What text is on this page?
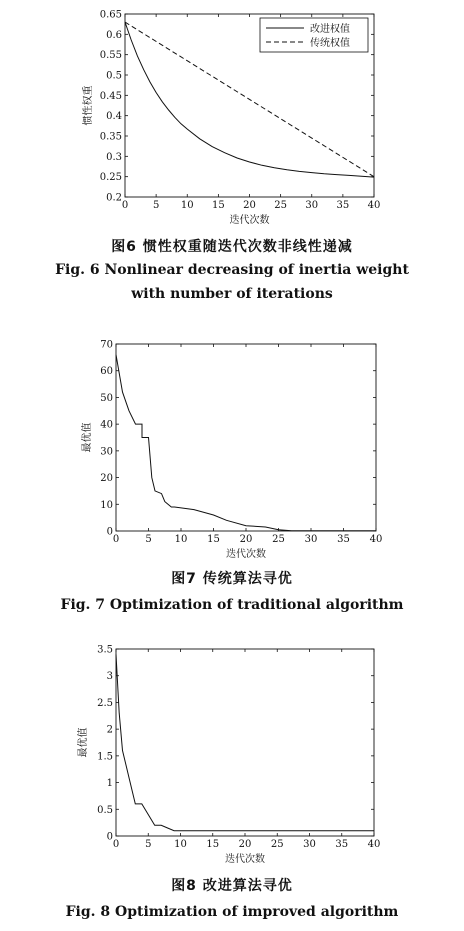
0 5 10 15 20 25 30 35 40
0.2
0.25
0.3
0.35
0.4
0.45
0.5
0.55
0.6
0.65
迭代次数
惯性权重
改进权值
传统权值
图6 惯性权重随迭代次数非线性递减
Fig. 6 Nonlinear decreasing of inertia weight
with number of iterations
0	5 10 15 20 25 30 35 40
0
10
20
30
40
50
60
70
迭代次数
最优值
图7 传统算法寻优
Fig. 7 Optimization of traditional algorithm
0	5 10 15 20 25 30 35 40
0
0.5
1
1.5
2
2.5
3
3.5
迭代次数
最优值
图8 改进算法寻优
Fig. 8 Optimization of improved algorithm
